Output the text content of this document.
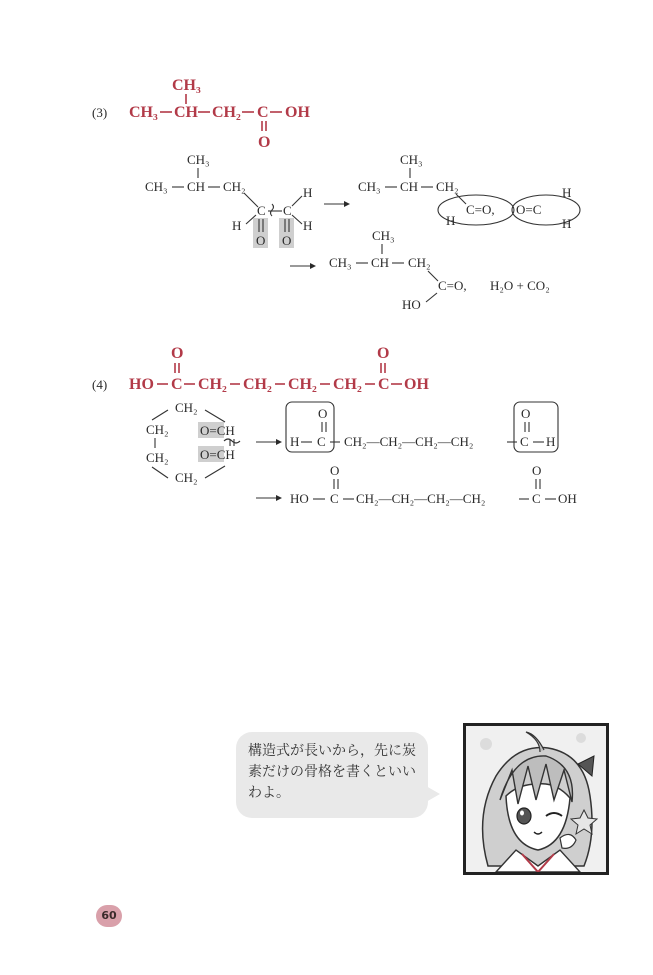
(3)
CH₃
CH₃ CH CH₂ C OH
O
CH₃
CH₃ CH CH₂
C C
H
H
H
O O
CH₃
CH₃ CH CH₂
H
C=O, O=C
H
H
CH₃
CH₃ CH CH₂
C=O, H₂O + CO₂
HO
(4)
O	O
HO C CH₂ CH₂ CH₂ CH₂ C OH
CH₂
CH₂
CH₂
CH₂
O=CH
O=CH
O
H C CH₂—CH₂—CH₂—CH₂
O
C H
O	O
HO C CH₂—CH₂—CH₂—CH₂	C OH
構造式が長いから，先に炭素だけの骨格を書くといいわよ。
60
